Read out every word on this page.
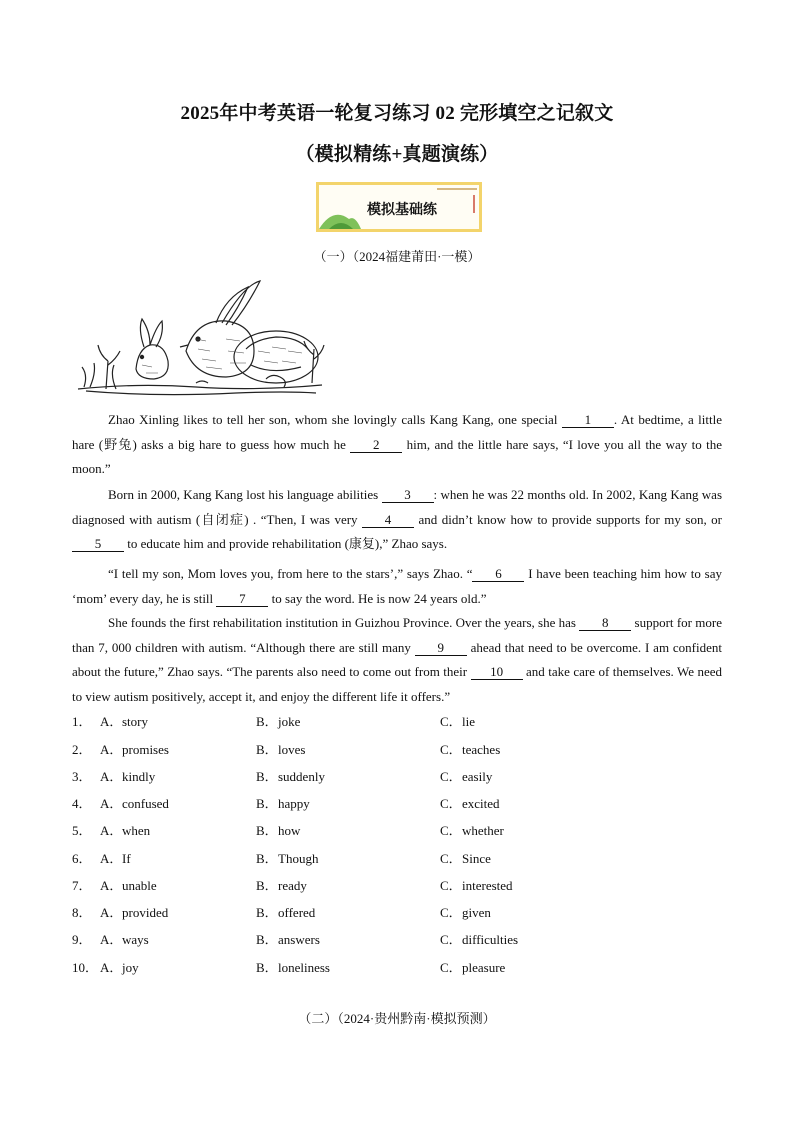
2025年中考英语一轮复习练习 02 完形填空之记叙文
（模拟精练+真题演练）
模拟基础练
（一）（2024福建莆田·一模）

Zhao Xinling likes to tell her son, whom she lovingly calls Kang Kang, one special 1 . At bedtime, a little hare (野兔) asks a big hare to guess how much he 2 him, and the little hare says, “I love you all the way to the moon.”

Born in 2000, Kang Kang lost his language abilities 3 : when he was 22 months old. In 2002, Kang Kang was diagnosed with autism (自闭症) . “Then, I was very 4 and didn’t know how to provide supports for my son, or 5 to educate him and provide rehabilitation (康复),” Zhao says.

“I tell my son, Mom loves you, from here to the stars’,” says Zhao. “ 6 I have been teaching him how to say ‘mom’ every day, he is still 7 to say the word. He is now 24 years old.”

She founds the first rehabilitation institution in Guizhou Province. Over the years, she has 8 support for more than 7, 000 children with autism. “Although there are still many 9 ahead that need to be overcome. I am confident about the future,” Zhao says. “The parents also need to come out from their 10 and take care of themselves. We need to view autism positively, accept it, and enjoy the different life it offers.”

1． A．story	B．joke	C．lie
2． A．promises	B．loves	C．teaches
3． A．kindly	B．suddenly	C．easily
4． A．confused	B．happy	C．excited
5． A．when	B．how	C．whether
6． A．If	B．Though	C．Since
7． A．unable	B．ready	C．interested
8． A．provided	B．offered	C．given
9． A．ways	B．answers	C．difficulties
10． A．joy	B．loneliness	C．pleasure
（二）（2024·贵州黔南·模拟预测）
